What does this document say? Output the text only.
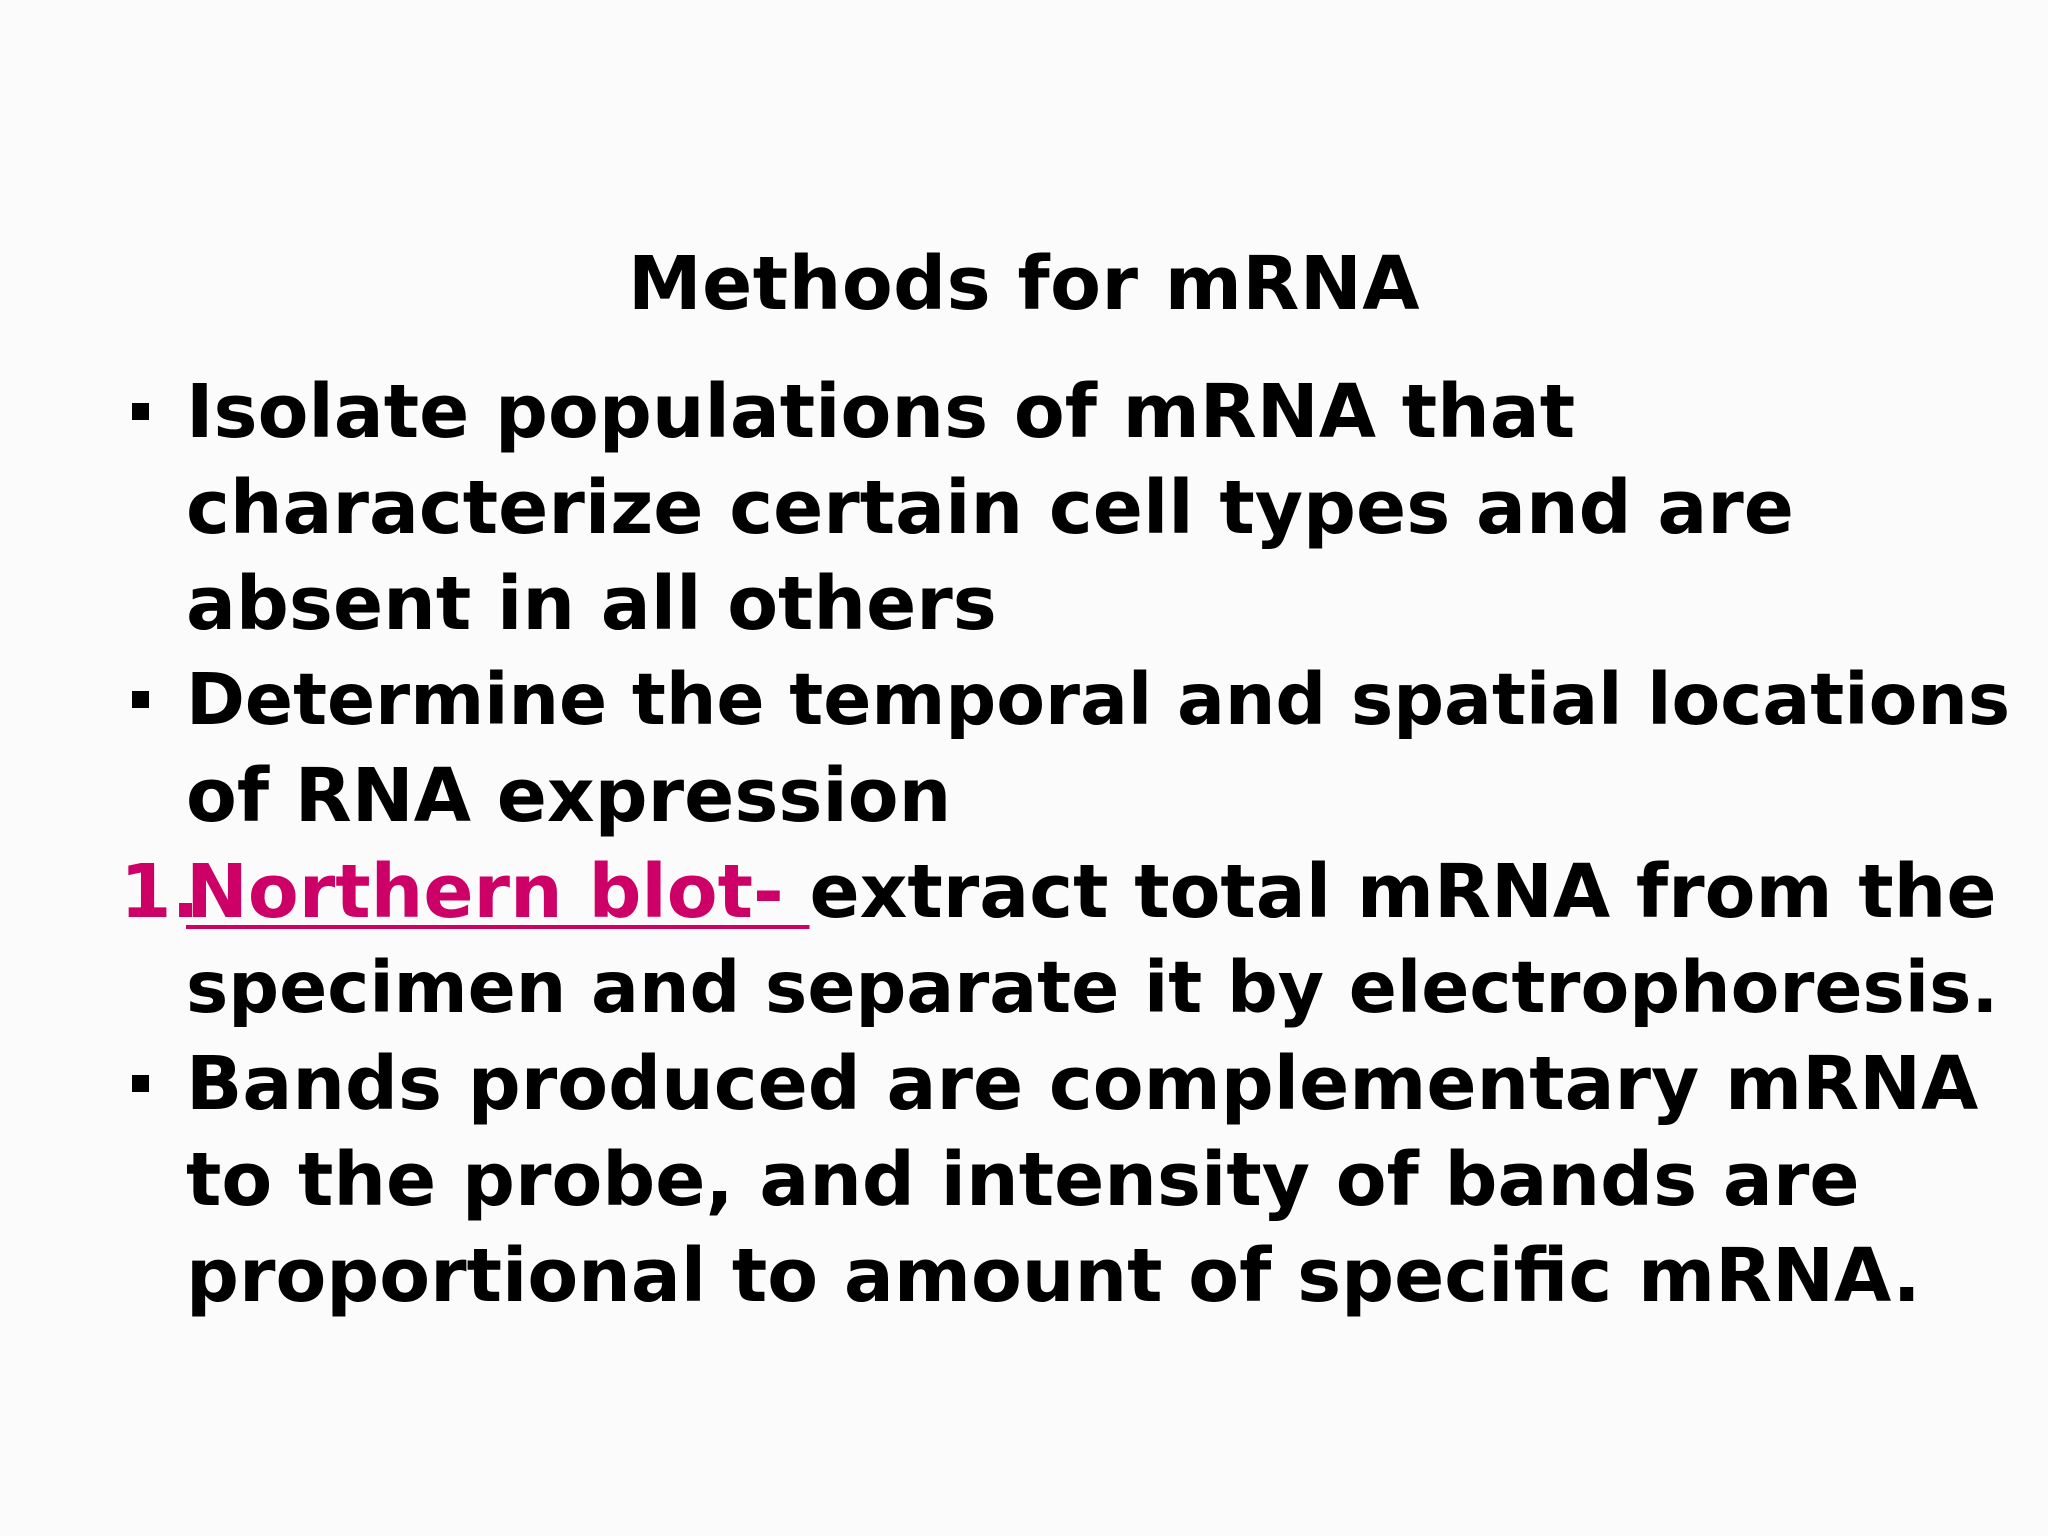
Methods for mRNA
Isolate populations of mRNA that
characterize certain cell types and are
absent in all others
Determine the temporal and spatial locations
of RNA expression
1.
Northern blot- extract total mRNA from the
specimen and separate it by electrophoresis.
Bands produced are complementary mRNA
to the probe, and intensity of bands are
proportional to amount of specific mRNA.
